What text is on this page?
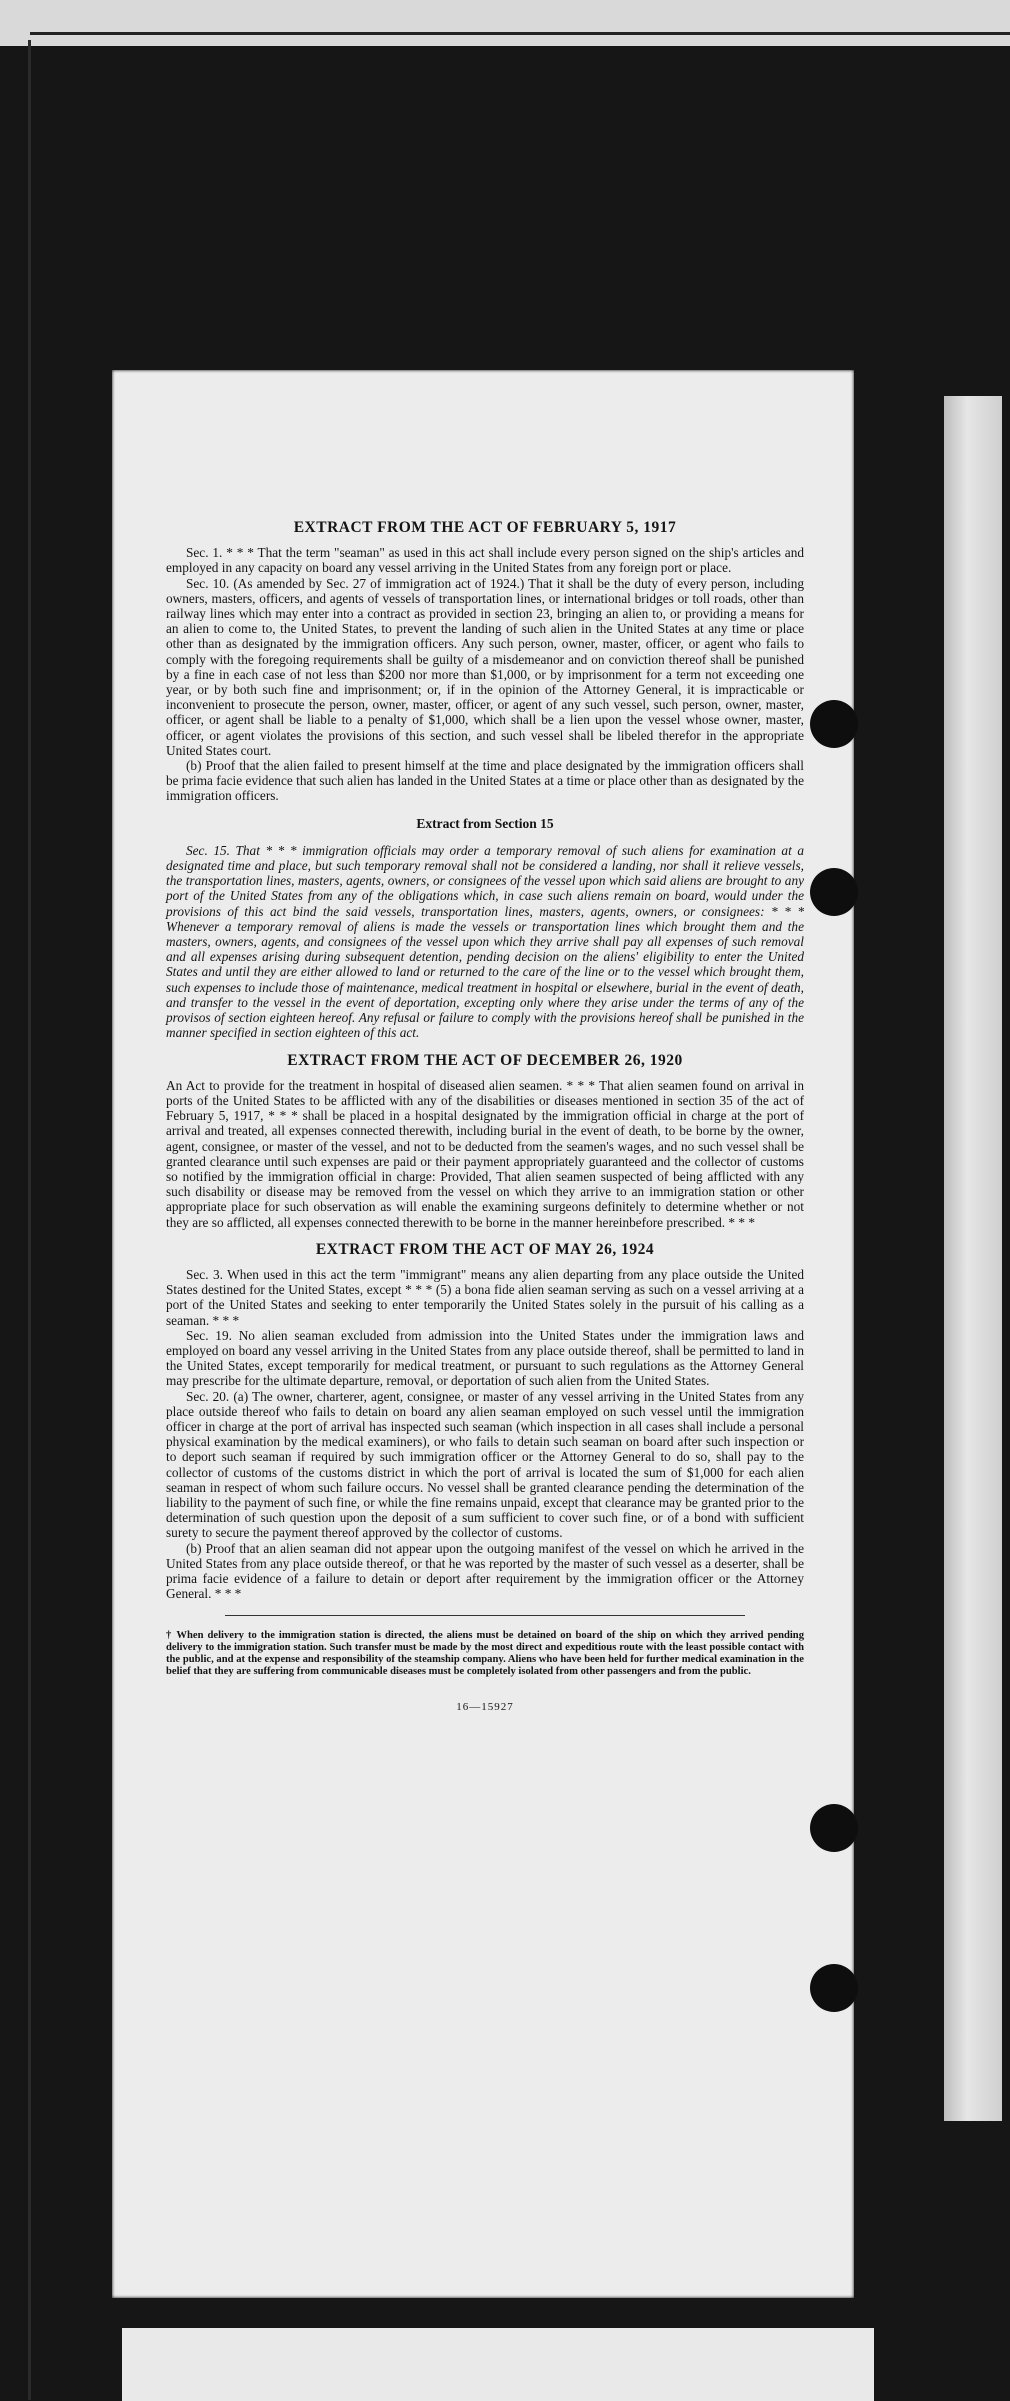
EXTRACT FROM THE ACT OF FEBRUARY 5, 1917

Sec. 1. * * * That the term "seaman" as used in this act shall include every person signed on the ship's articles and employed in any capacity on board any vessel arriving in the United States from any foreign port or place.

Sec. 10. (As amended by Sec. 27 of immigration act of 1924.) That it shall be the duty of every person, including owners, masters, officers, and agents of vessels of transportation lines, or international bridges or toll roads, other than railway lines which may enter into a contract as provided in section 23, bringing an alien to, or providing a means for an alien to come to, the United States, to prevent the landing of such alien in the United States at any time or place other than as designated by the immigration officers. Any such person, owner, master, officer, or agent who fails to comply with the foregoing requirements shall be guilty of a misdemeanor and on conviction thereof shall be punished by a fine in each case of not less than $200 nor more than $1,000, or by imprisonment for a term not exceeding one year, or by both such fine and imprisonment; or, if in the opinion of the Attorney General, it is impracticable or inconvenient to prosecute the person, owner, master, officer, or agent of any such vessel, such person, owner, master, officer, or agent shall be liable to a penalty of $1,000, which shall be a lien upon the vessel whose owner, master, officer, or agent violates the provisions of this section, and such vessel shall be libeled therefor in the appropriate United States court.

(b) Proof that the alien failed to present himself at the time and place designated by the immigration officers shall be prima facie evidence that such alien has landed in the United States at a time or place other than as designated by the immigration officers.

Extract from Section 15

Sec. 15. That * * * immigration officials may order a temporary removal of such aliens for examination at a designated time and place, but such temporary removal shall not be considered a landing, nor shall it relieve vessels, the transportation lines, masters, agents, owners, or consignees of the vessel upon which said aliens are brought to any port of the United States from any of the obligations which, in case such aliens remain on board, would under the provisions of this act bind the said vessels, transportation lines, masters, agents, owners, or consignees: * * * Whenever a temporary removal of aliens is made the vessels or transportation lines which brought them and the masters, owners, agents, and consignees of the vessel upon which they arrive shall pay all expenses of such removal and all expenses arising during subsequent detention, pending decision on the aliens' eligibility to enter the United States and until they are either allowed to land or returned to the care of the line or to the vessel which brought them, such expenses to include those of maintenance, medical treatment in hospital or elsewhere, burial in the event of death, and transfer to the vessel in the event of deportation, excepting only where they arise under the terms of any of the provisos of section eighteen hereof. Any refusal or failure to comply with the provisions hereof shall be punished in the manner specified in section eighteen of this act.

EXTRACT FROM THE ACT OF DECEMBER 26, 1920

An Act to provide for the treatment in hospital of diseased alien seamen. * * * That alien seamen found on arrival in ports of the United States to be afflicted with any of the disabilities or diseases mentioned in section 35 of the act of February 5, 1917, * * * shall be placed in a hospital designated by the immigration official in charge at the port of arrival and treated, all expenses connected therewith, including burial in the event of death, to be borne by the owner, agent, consignee, or master of the vessel, and not to be deducted from the seamen's wages, and no such vessel shall be granted clearance until such expenses are paid or their payment appropriately guaranteed and the collector of customs so notified by the immigration official in charge: Provided, That alien seamen suspected of being afflicted with any such disability or disease may be removed from the vessel on which they arrive to an immigration station or other appropriate place for such observation as will enable the examining surgeons definitely to determine whether or not they are so afflicted, all expenses connected therewith to be borne in the manner hereinbefore prescribed. * * *

EXTRACT FROM THE ACT OF MAY 26, 1924

Sec. 3. When used in this act the term "immigrant" means any alien departing from any place outside the United States destined for the United States, except * * * (5) a bona fide alien seaman serving as such on a vessel arriving at a port of the United States and seeking to enter temporarily the United States solely in the pursuit of his calling as a seaman. * * *

Sec. 19. No alien seaman excluded from admission into the United States under the immigration laws and employed on board any vessel arriving in the United States from any place outside thereof, shall be permitted to land in the United States, except temporarily for medical treatment, or pursuant to such regulations as the Attorney General may prescribe for the ultimate departure, removal, or deportation of such alien from the United States.

Sec. 20. (a) The owner, charterer, agent, consignee, or master of any vessel arriving in the United States from any place outside thereof who fails to detain on board any alien seaman employed on such vessel until the immigration officer in charge at the port of arrival has inspected such seaman (which inspection in all cases shall include a personal physical examination by the medical examiners), or who fails to detain such seaman on board after such inspection or to deport such seaman if required by such immigration officer or the Attorney General to do so, shall pay to the collector of customs of the customs district in which the port of arrival is located the sum of $1,000 for each alien seaman in respect of whom such failure occurs. No vessel shall be granted clearance pending the determination of the liability to the payment of such fine, or while the fine remains unpaid, except that clearance may be granted prior to the determination of such question upon the deposit of a sum sufficient to cover such fine, or of a bond with sufficient surety to secure the payment thereof approved by the collector of customs.

(b) Proof that an alien seaman did not appear upon the outgoing manifest of the vessel on which he arrived in the United States from any place outside thereof, or that he was reported by the master of such vessel as a deserter, shall be prima facie evidence of a failure to detain or deport after requirement by the immigration officer or the Attorney General. * * *

† When delivery to the immigration station is directed, the aliens must be detained on board of the ship on which they arrived pending delivery to the immigration station. Such transfer must be made by the most direct and expeditious route with the least possible contact with the public, and at the expense and responsibility of the steamship company. Aliens who have been held for further medical examination in the belief that they are suffering from communicable diseases must be completely isolated from other passengers and from the public.
16—15927
